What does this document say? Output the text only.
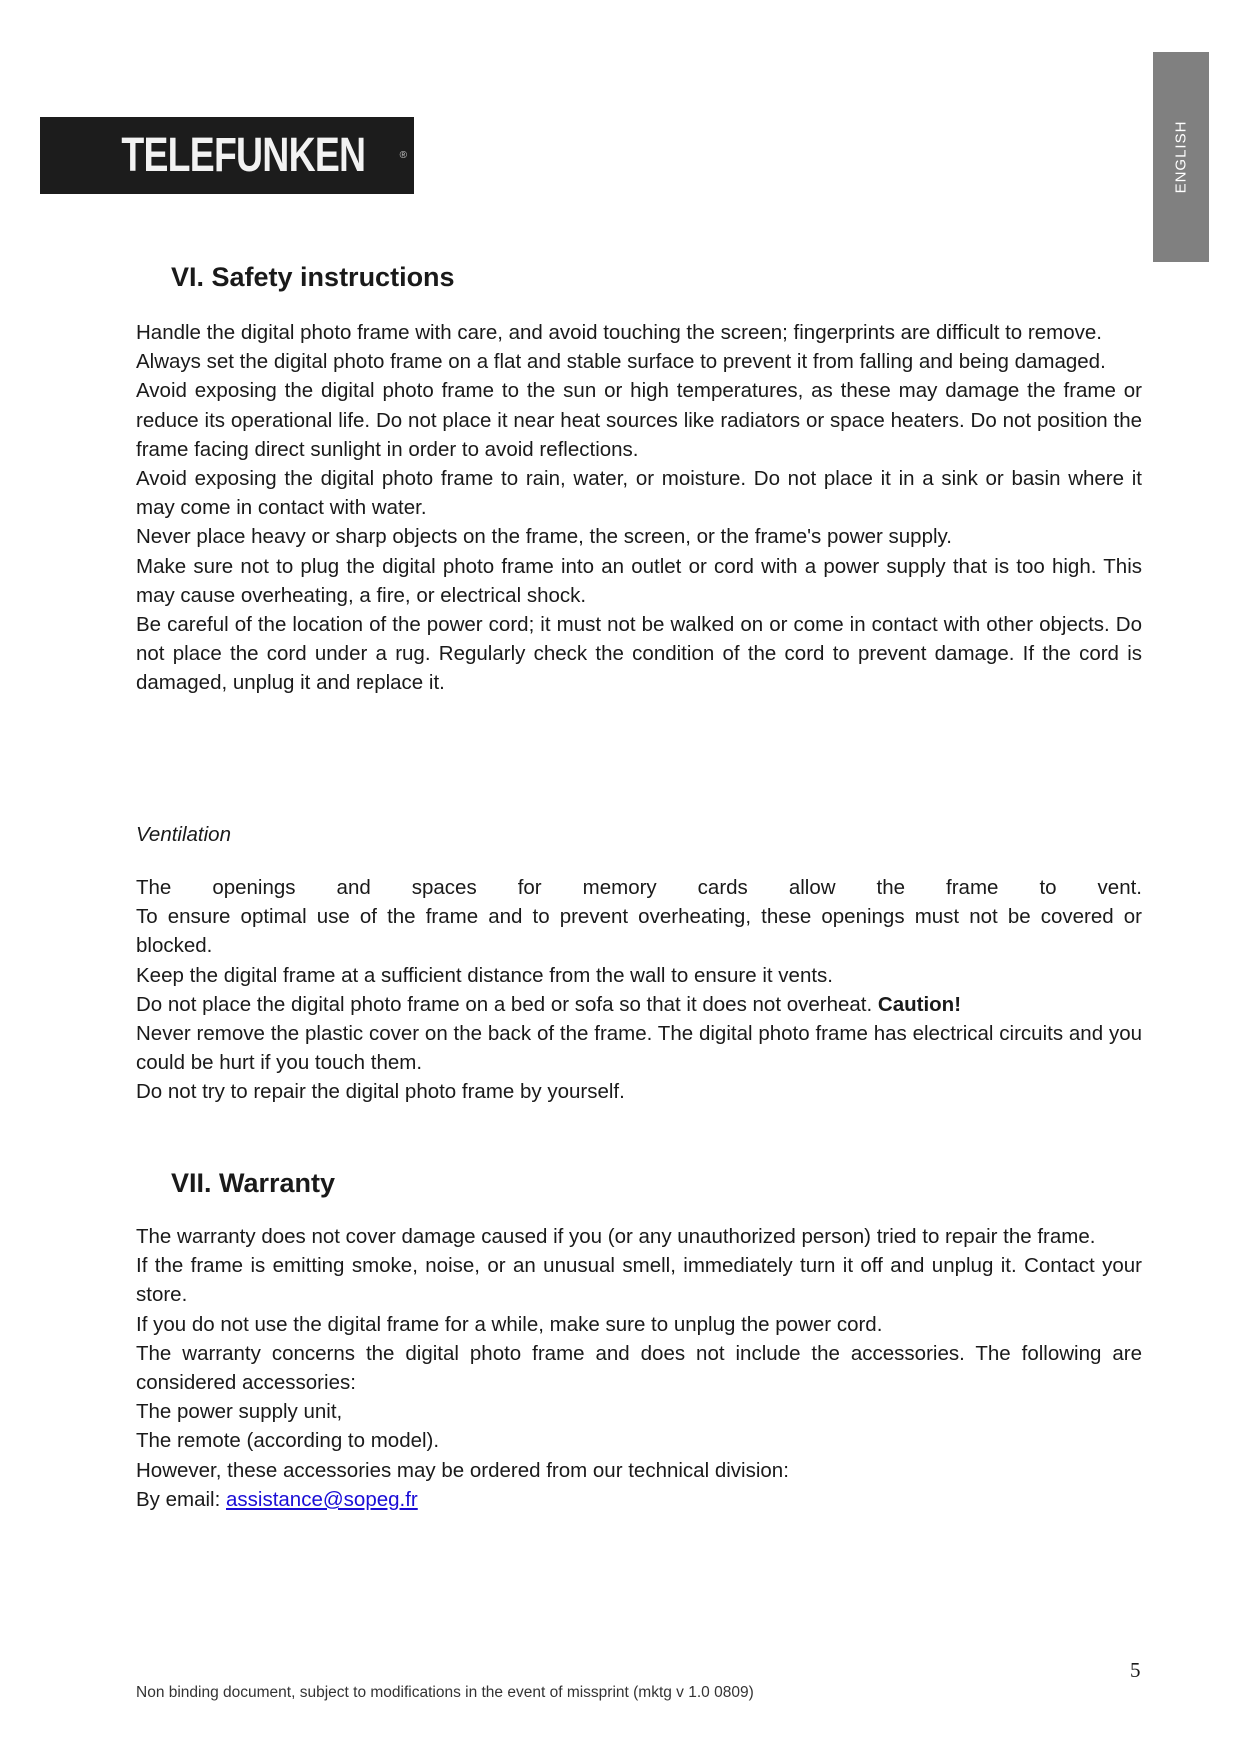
TELEFUNKEN	®	ENGLISH
VI. Safety instructions

Handle the digital photo frame with care, and avoid touching the screen; fingerprints are difficult to remove.

Always set the digital photo frame on a flat and stable surface to prevent it from falling and being damaged.

Avoid exposing the digital photo frame to the sun or high temperatures, as these may damage the frame or reduce its operational life. Do not place it near heat sources like radiators or space heaters. Do not position the frame facing direct sunlight in order to avoid reflections.

Avoid exposing the digital photo frame to rain, water, or moisture. Do not place it in a sink or basin where it may come in contact with water.

Never place heavy or sharp objects on the frame, the screen, or the frame's power supply.

Make sure not to plug the digital photo frame into an outlet or cord with a power supply that is too high. This may cause overheating, a fire, or electrical shock.

Be careful of the location of the power cord; it must not be walked on or come in contact with other objects. Do not place the cord under a rug. Regularly check the condition of the cord to prevent damage. If the cord is damaged, unplug it and replace it.

Ventilation

The openings and spaces for memory cards allow the frame to vent.

To ensure optimal use of the frame and to prevent overheating, these openings must not be covered or blocked.

Keep the digital frame at a sufficient distance from the wall to ensure it vents.

Do not place the digital photo frame on a bed or sofa so that it does not overheat. Caution!

Never remove the plastic cover on the back of the frame. The digital photo frame has electrical circuits and you could be hurt if you touch them.

Do not try to repair the digital photo frame by yourself.

VII. Warranty

The warranty does not cover damage caused if you (or any unauthorized person) tried to repair the frame.

If the frame is emitting smoke, noise, or an unusual smell, immediately turn it off and unplug it. Contact your store.

If you do not use the digital frame for a while, make sure to unplug the power cord.

The warranty concerns the digital photo frame and does not include the accessories. The following are considered accessories:

The power supply unit,

The remote (according to model).

However, these accessories may be ordered from our technical division:

By email: assistance@sopeg.fr

5
Non binding document, subject to modifications in the event of missprint (mktg v 1.0 0809)
